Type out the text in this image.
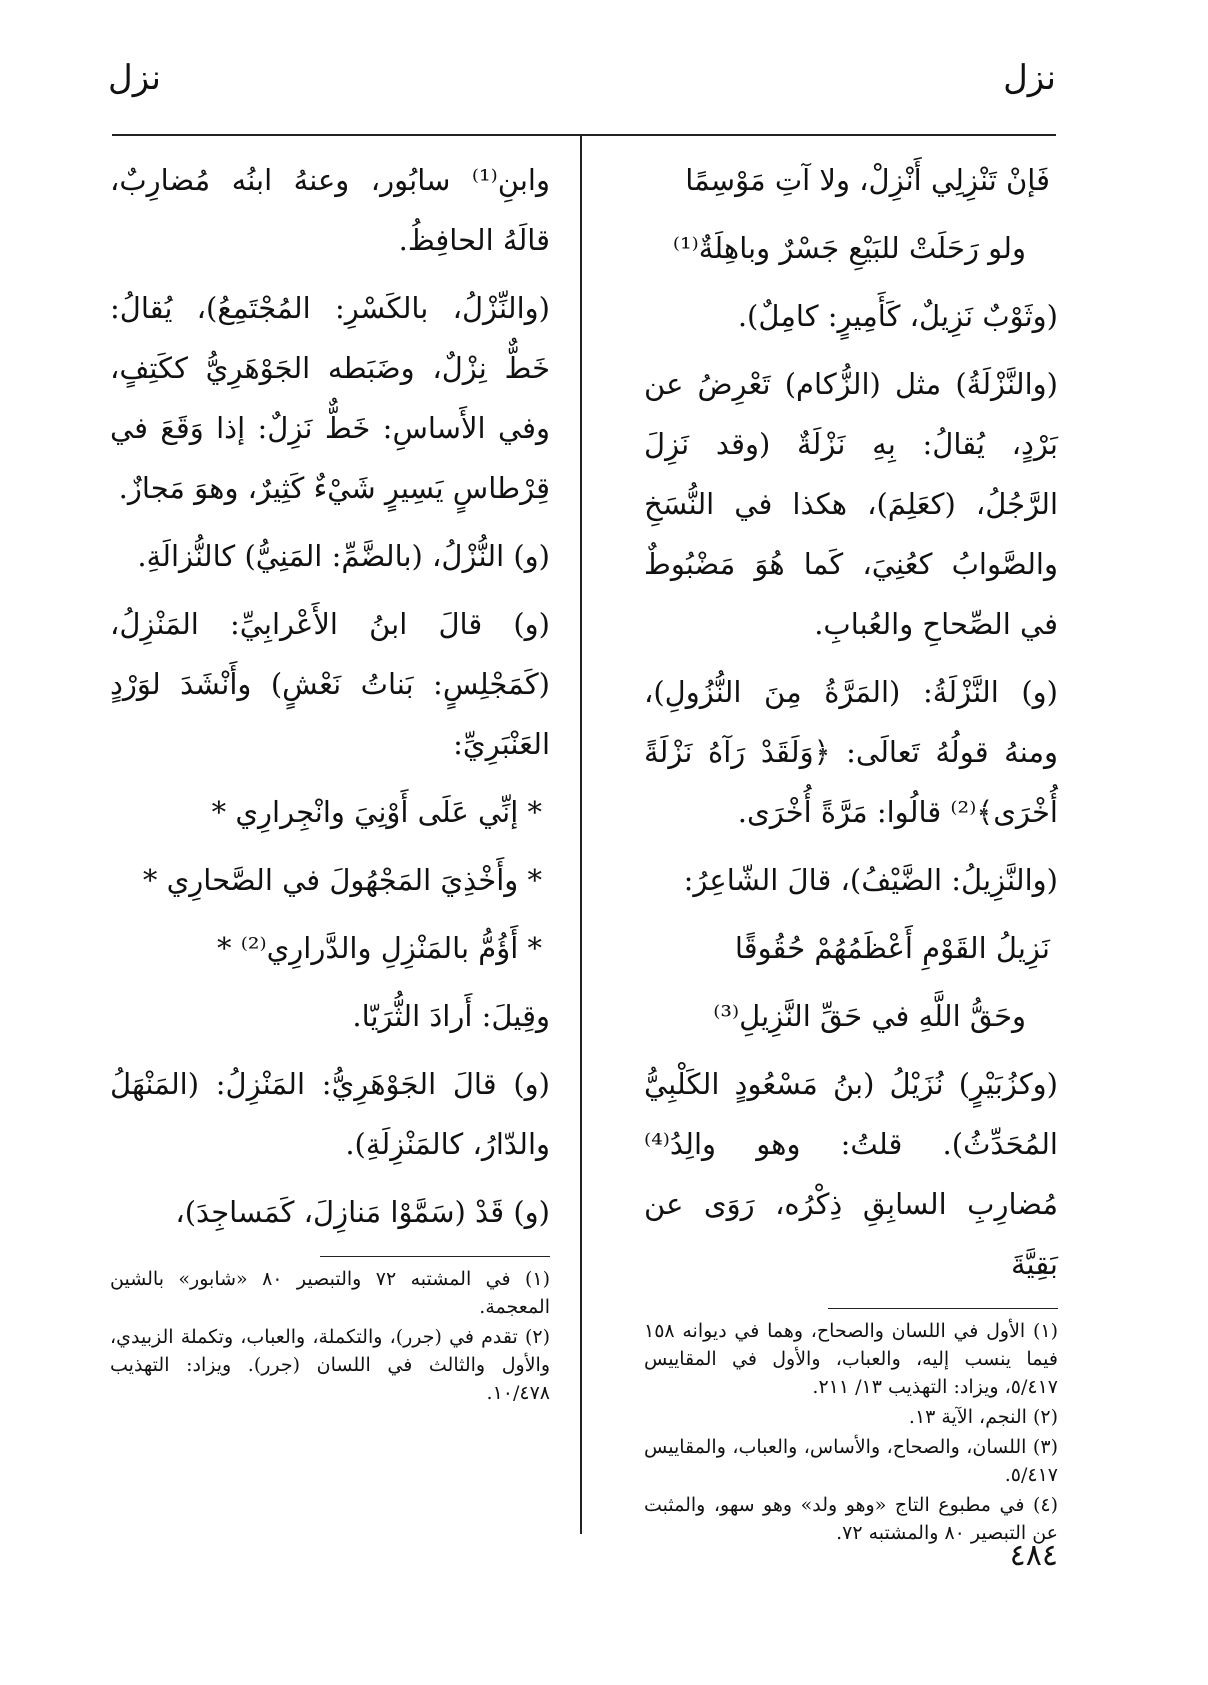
نزل
نزل

فَإنْ تَنْزِلِي أَنْزِلْ، ولا آتِ مَوْسِمًا

ولو رَحَلَتْ للبَيْعِ جَسْرٌ وباهِلَةٌ⁽¹⁾

(وثَوْبٌ نَزِيلٌ، كَأَمِيرٍ: كامِلٌ).

(والنَّزْلَةُ) مثل (الزُّكام) تَعْرِضُ عن بَرْدٍ، يُقالُ: بِهِ نَزْلَةٌ (وقد نَزِلَ الرَّجُلُ، (كعَلِمَ)، هكذا في النُّسَخِ والصَّوابُ كعُنِيَ، كَما هُوَ مَضْبُوطٌ في الصِّحاحِ والعُبابِ.

(و) النَّزْلَةُ: (المَرَّةُ مِنَ النُّزُولِ)، ومنهُ قولُهُ تَعالَى: ﴿وَلَقَدْ رَآهُ نَزْلَةً أُخْرَى﴾⁽²⁾ قالُوا: مَرَّةً أُخْرَى.

(والنَّزِيلُ: الضَّيْفُ)، قالَ الشّاعِرُ:

نَزِيلُ القَوْمِ أَعْظَمُهُمْ حُقُوقًا

وحَقُّ اللَّهِ في حَقِّ النَّزِيلِ⁽³⁾

(وكزُبَيْرٍ) نُزَيْلُ (بنُ مَسْعُودٍ الكَلْبِيُّ المُحَدِّثُ). قلتُ: وهو والِدُ⁽⁴⁾ مُضارِبِ السابِقِ ذِكْرُه، رَوَى عن بَقِيَّةَ

(١) الأول في اللسان والصحاح، وهما في ديوانه ١٥٨ فيما ينسب إليه، والعباب، والأول في المقاييس ٥/٤١٧، ويزاد: التهذيب ١٣/ ٢١١.

(٢) النجم، الآية ١٣.

(٣) اللسان، والصحاح، والأساس، والعباب، والمقاييس ٥/٤١٧.

(٤) في مطبوع التاج «وهو ولد» وهو سهو، والمثبت عن التبصير ٨٠ والمشتبه ٧٢.

وابنِ⁽¹⁾ سابُور، وعنهُ ابنُه مُضارِبٌ، قالَهُ الحافِظُ.

(والنِّزْلُ، بالكَسْرِ: المُجْتَمِعُ)، يُقالُ: خَطٌّ نِزْلٌ، وضَبَطه الجَوْهَرِيُّ ككَتِفٍ، وفي الأَساسِ: خَطٌّ نَزِلٌ: إذا وَقَعَ في قِرْطاسٍ يَسِيرٍ شَيْءٌ كَثِيرٌ، وهوَ مَجازٌ.

(و) النُّزْلُ، (بالضَّمِّ: المَنِيُّ) كالنُّزالَةِ.

(و) قالَ ابنُ الأَعْرابِيِّ: المَنْزِلُ، (كَمَجْلِسٍ: بَناتُ نَعْشٍ) وأَنْشَدَ لوَرْدٍ العَنْبَرِيِّ:

* إنِّي عَلَى أَوْنِيَ وانْجِرارِي *

* وأَخْذِيَ المَجْهُولَ في الصَّحارِي *

* أَؤُمُّ بالمَنْزِلِ والدَّرارِي⁽²⁾ *

وقِيلَ: أَرادَ الثُّرَيّا.

(و) قالَ الجَوْهَرِيُّ: المَنْزِلُ: (المَنْهَلُ والدّارُ، كالمَنْزِلَةِ).

(و) قَدْ (سَمَّوْا مَنازِلَ، كَمَساجِدَ)،

(١) في المشتبه ٧٢ والتبصير ٨٠ «شابور» بالشين المعجمة.

(٢) تقدم في (جرر)، والتكملة، والعباب، وتكملة الزبيدي، والأول والثالث في اللسان (جرر). ويزاد: التهذيب ١٠/٤٧٨.

٤٨٤
